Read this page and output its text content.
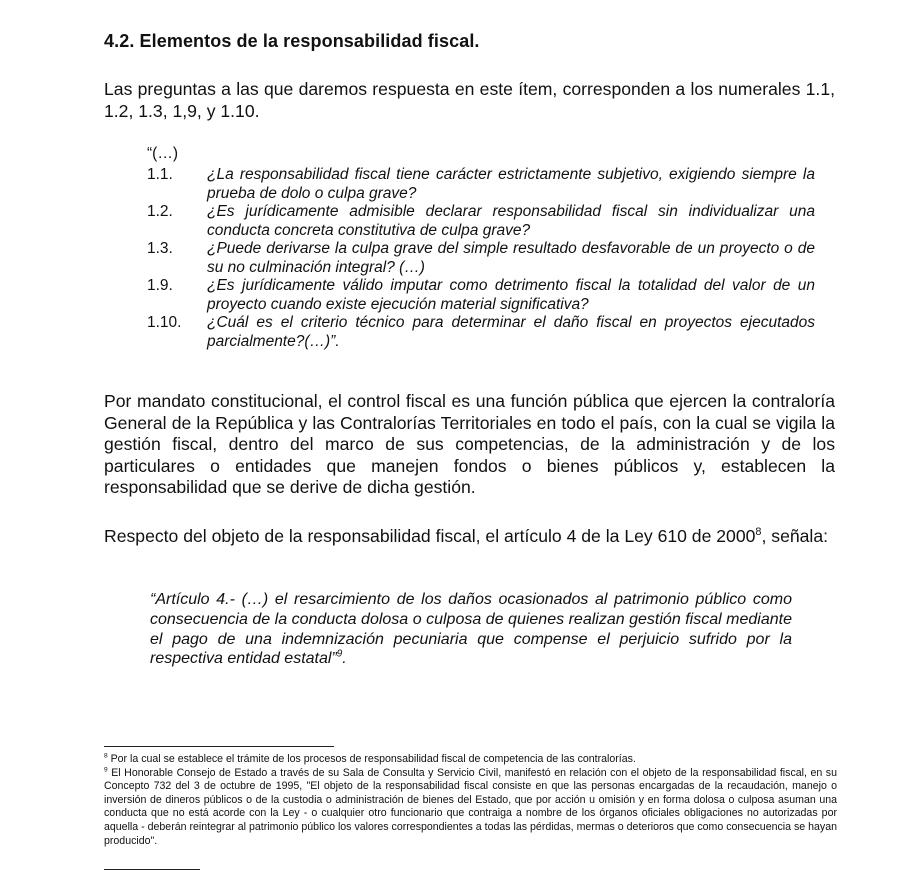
4.2. Elementos de la responsabilidad fiscal.
Las preguntas a las que daremos respuesta en este ítem, corresponden a los numerales 1.1, 1.2, 1.3, 1,9, y 1.10.
“(…)
1.1.	¿La responsabilidad fiscal tiene carácter estrictamente subjetivo, exigiendo siempre la prueba de dolo o culpa grave?
1.2.	¿Es jurídicamente admisible declarar responsabilidad fiscal sin individualizar una conducta concreta constitutiva de culpa grave?
1.3.	¿Puede derivarse la culpa grave del simple resultado desfavorable de un proyecto o de su no culminación integral? (…)
1.9.	¿Es jurídicamente válido imputar como detrimento fiscal la totalidad del valor de un proyecto cuando existe ejecución material significativa?
1.10.	¿Cuál es el criterio técnico para determinar el daño fiscal en proyectos ejecutados parcialmente?(…)”.
Por mandato constitucional, el control fiscal es una función pública que ejercen la contraloría General de la República y las Contralorías Territoriales en todo el país, con la cual se vigila la gestión fiscal, dentro del marco de sus competencias, de la administración y de los particulares o entidades que manejen fondos o bienes públicos y, establecen la responsabilidad que se derive de dicha gestión.
Respecto del objeto de la responsabilidad fiscal, el artículo 4 de la Ley 610 de 2000$^8$, señala:
“Artículo 4.- (…) el resarcimiento de los daños ocasionados al patrimonio público como consecuencia de la conducta dolosa o culposa de quienes realizan gestión fiscal mediante el pago de una indemnización pecuniaria que compense el perjuicio sufrido por la respectiva entidad estatal”$^9$.
$^8$ Por la cual se establece el trámite de los procesos de responsabilidad fiscal de competencia de las contralorías.
$^9$ El Honorable Consejo de Estado a través de su Sala de Consulta y Servicio Civil, manifestó en relación con el objeto de la responsabilidad fiscal, en su Concepto 732 del 3 de octubre de 1995, "El objeto de la responsabilidad fiscal consiste en que las personas encargadas de la recaudación, manejo o inversión de dineros públicos o de la custodia o administración de bienes del Estado, que por acción u omisión y en forma dolosa o culposa asuman una conducta que no está acorde con la Ley - o cualquier otro funcionario que contraiga a nombre de los órganos oficiales obligaciones no autorizadas por aquella - deberán reintegrar al patrimonio público los valores correspondientes a todas las pérdidas, mermas o deterioros que como consecuencia se hayan producido".
